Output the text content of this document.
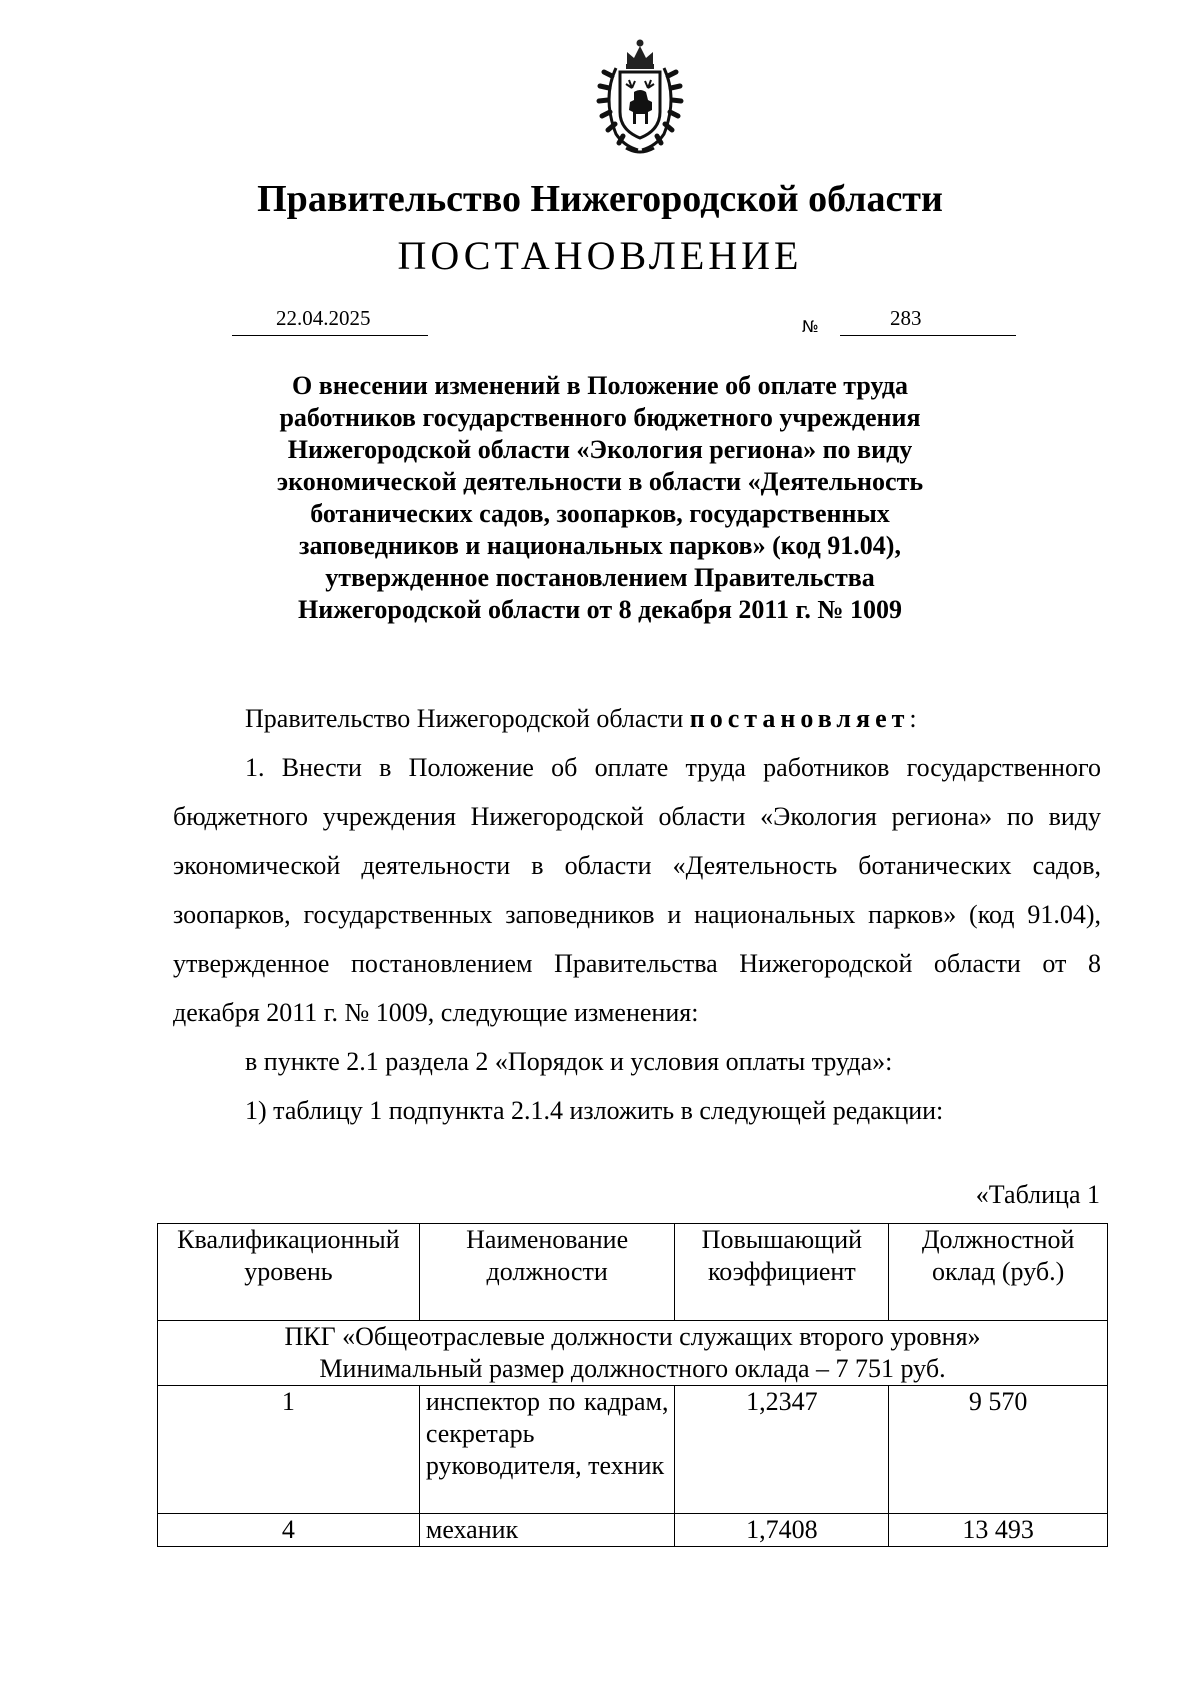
Правительство Нижегородской области
ПОСТАНОВЛЕНИЕ
22.04.2025	№	283
О внесении изменений в Положение об оплате труда
работников государственного бюджетного учреждения
Нижегородской области «Экология региона» по виду
экономической деятельности в области «Деятельность
ботанических садов, зоопарков, государственных
заповедников и национальных парков» (код 91.04),
утвержденное постановлением Правительства
Нижегородской области от 8 декабря 2011 г. № 1009

Правительство Нижегородской области постановляет:

1. Внести в Положение об оплате труда работников государственного бюджетного учреждения Нижегородской области «Экология региона» по виду экономической деятельности в области «Деятельность ботанических садов, зоопарков, государственных заповедников и национальных парков» (код 91.04), утвержденное постановлением Правительства Нижегородской области от 8 декабря 2011 г. № 1009, следующие изменения:

в пункте 2.1 раздела 2 «Порядок и условия оплаты труда»:

1) таблицу 1 подпункта 2.1.4 изложить в следующей редакции:

«Таблица 1
Квалификационный уровень	Наименование должности	Повышающий коэффициент	Должностной оклад (руб.)

ПКГ «Общеотраслевые должности служащих второго уровня»
Минимальный размер должностного оклада – 7 751 руб.			

1	инспектор по кадрам, секретарь руководителя, техник	1,2347	9 570
4	механик	1,7408	13 493
